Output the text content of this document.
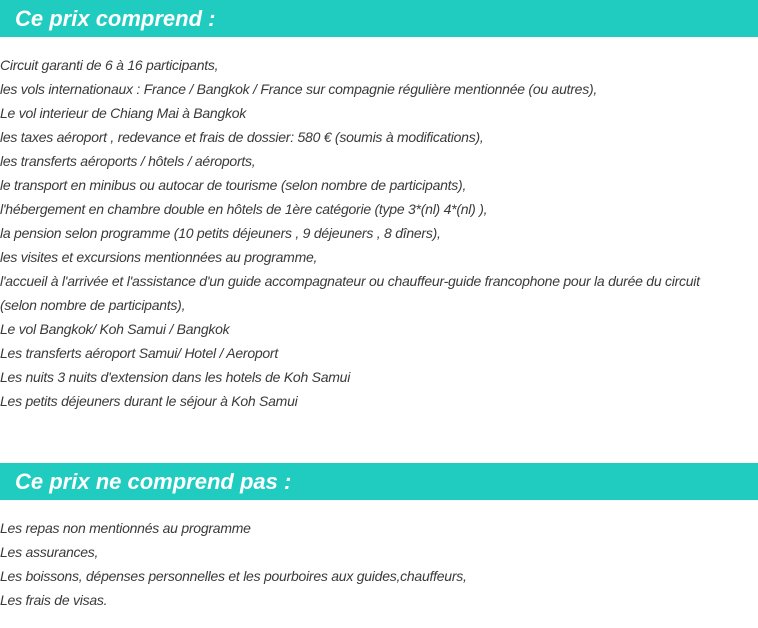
Ce prix comprend :
Circuit garanti de 6 à 16 participants,
les vols internationaux : France / Bangkok / France sur compagnie régulière mentionnée (ou autres),
Le vol interieur de Chiang Mai à Bangkok
les taxes aéroport , redevance et frais de dossier: 580 € (soumis à modifications),
les transferts aéroports / hôtels / aéroports,
le transport en minibus ou autocar de tourisme (selon nombre de participants),
l'hébergement en chambre double en hôtels de 1ère catégorie (type 3*(nl) 4*(nl) ),
la pension selon programme (10 petits déjeuners , 9 déjeuners , 8 dîners),
les visites et excursions mentionnées au programme,
l'accueil à l'arrivée et l'assistance d'un guide accompagnateur ou chauffeur-guide francophone pour la durée du circuit
(selon nombre de participants),
Le vol Bangkok/ Koh Samui / Bangkok
Les transferts aéroport Samui/ Hotel / Aeroport
Les nuits 3 nuits d'extension dans les hotels de Koh Samui
Les petits déjeuners durant le séjour à Koh Samui
Ce prix ne comprend pas :
Les repas non mentionnés au programme
Les assurances,
Les boissons, dépenses personnelles et les pourboires aux guides,chauffeurs,
Les frais de visas.
